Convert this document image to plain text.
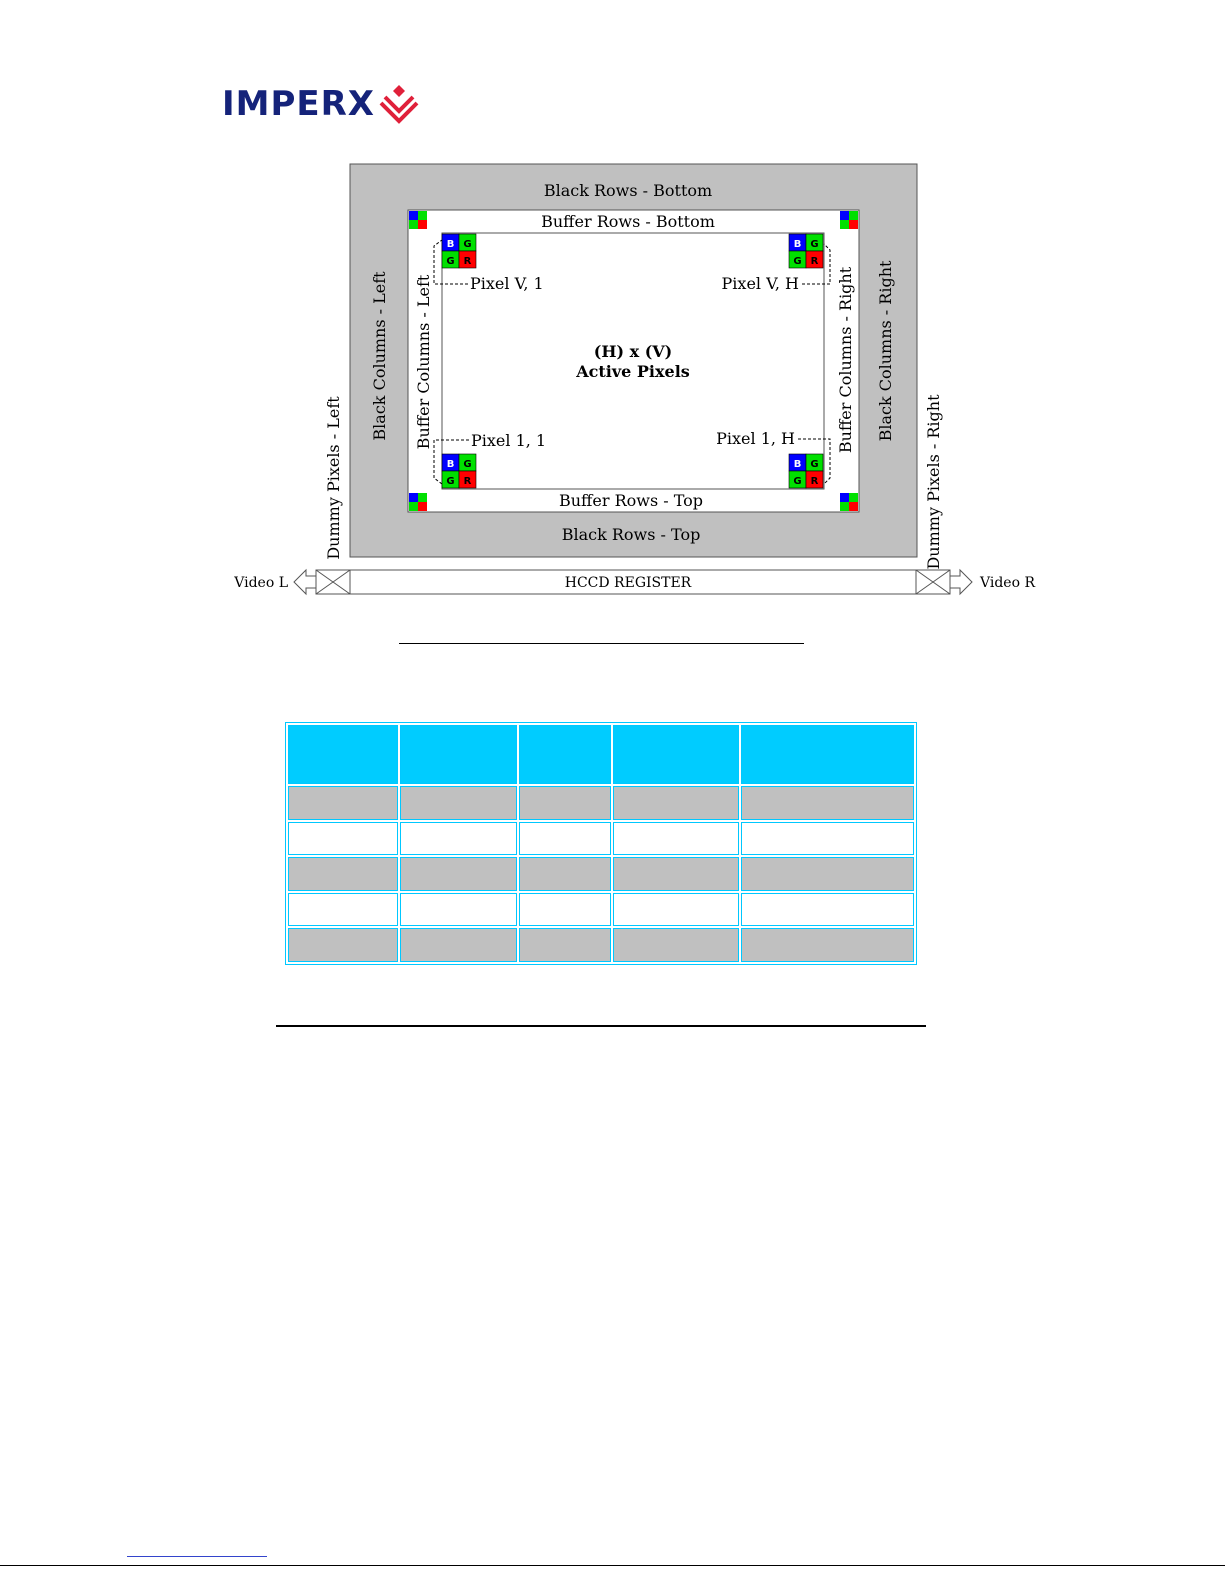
IMPERX
Black Rows - Bottom
Buffer Rows - Bottom
Buffer Rows - Top
Black Rows - Top
Black Columns - Left Buffer Columns - Left	Black Columns - Right
Buffer Columns - Right
Dummy Pixels - Left	Dummy Pixels - Right
(H) x (V)
Active Pixels
Pixel V, 1	Pixel V, H
Pixel 1, 1	Pixel 1, H
B G
G R
B G
G R
B G
G R
B G
G R
HCCD REGISTER
Video L	Video R
